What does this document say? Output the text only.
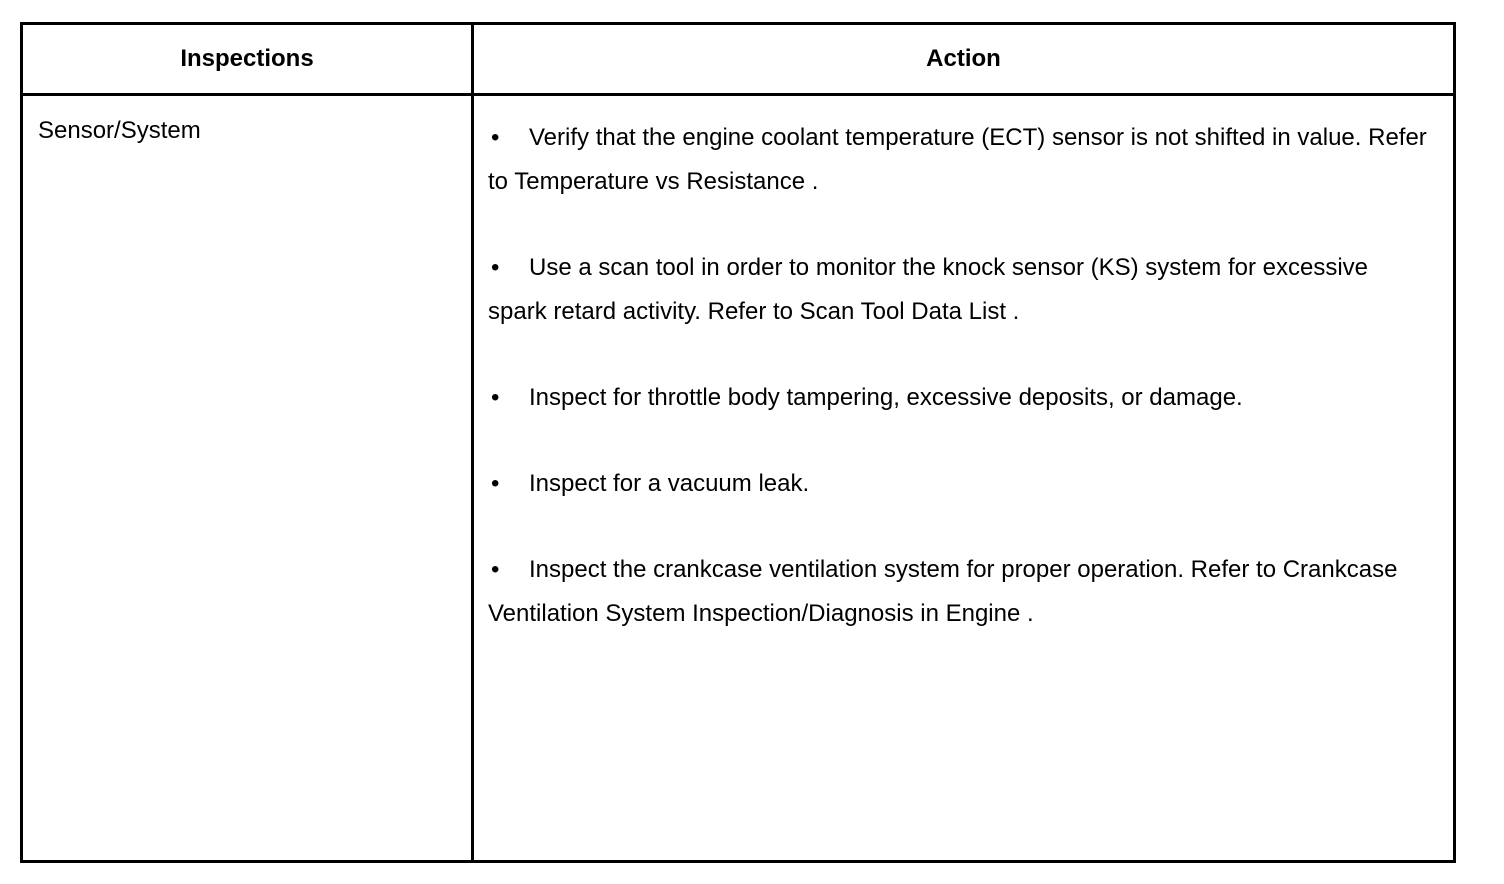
Inspections	Action
Sensor/System	• Verify that the engine coolant temperature (ECT) sensor is not shifted in value. Refer to Temperature vs Resistance .
• Use a scan tool in order to monitor the knock sensor (KS) system for excessive spark retard activity. Refer to Scan Tool Data List .
• Inspect for throttle body tampering, excessive deposits, or damage.
• Inspect for a vacuum leak.
• Inspect the crankcase ventilation system for proper operation. Refer to Crankcase Ventilation System Inspection/Diagnosis in Engine .
